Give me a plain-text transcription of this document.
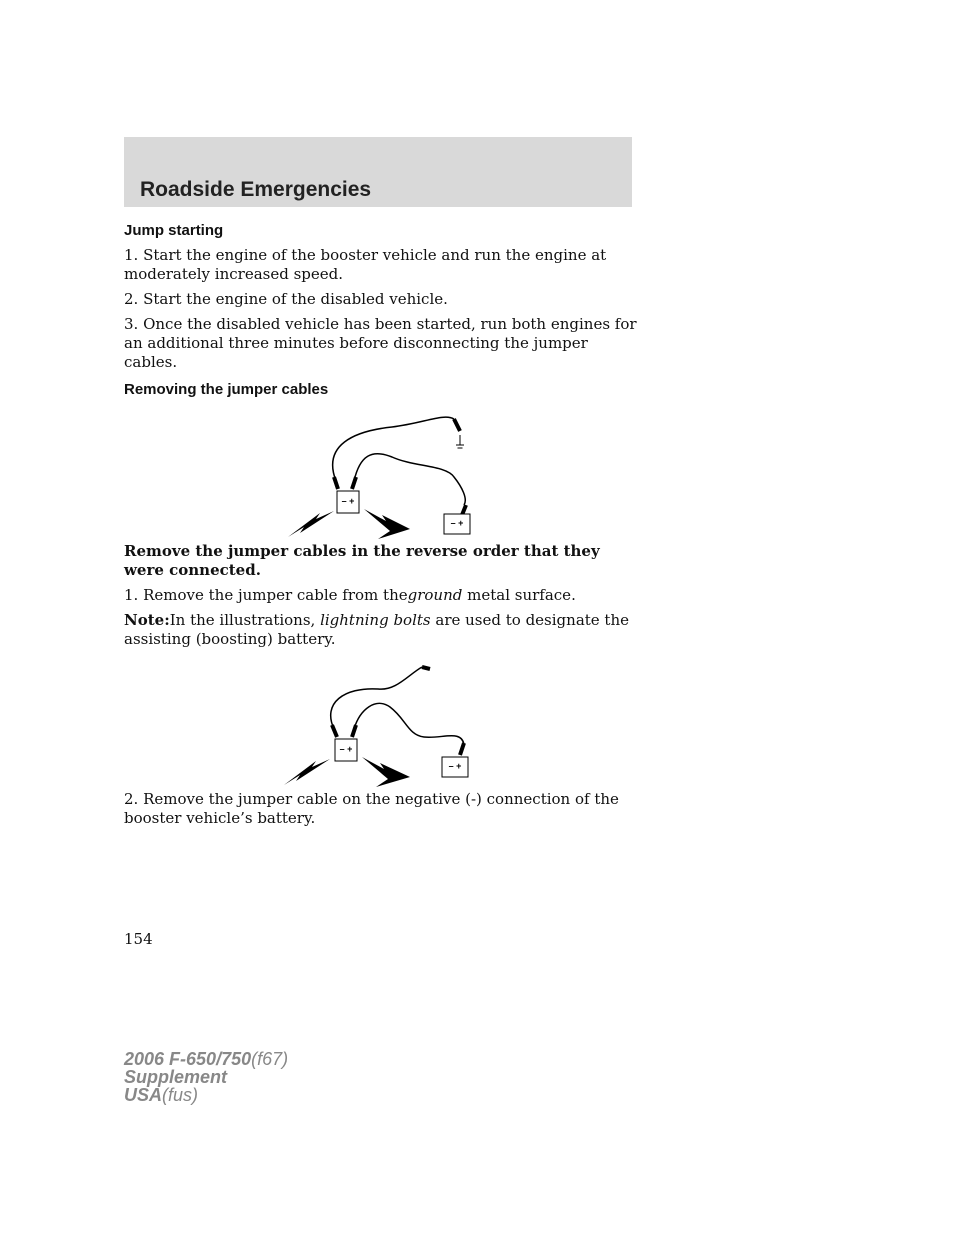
Roadside Emergencies
Jump starting

1. Start the engine of the booster vehicle and run the engine at moderately increased speed.

2. Start the engine of the disabled vehicle.

3. Once the disabled vehicle has been started, run both engines for an additional three minutes before disconnecting the jumper cables.

Removing the jumper cables
– +
– +

Remove the jumper cables in the reverse order that they were connected.

1. Remove the jumper cable from theground metal surface.

Note:In the illustrations, lightning bolts are used to designate the assisting (boosting) battery.

– +
– +

2. Remove the jumper cable on the negative (-) connection of the booster vehicle’s battery.

154
2006 F-650/750(f67)
Supplement
USA(fus)
